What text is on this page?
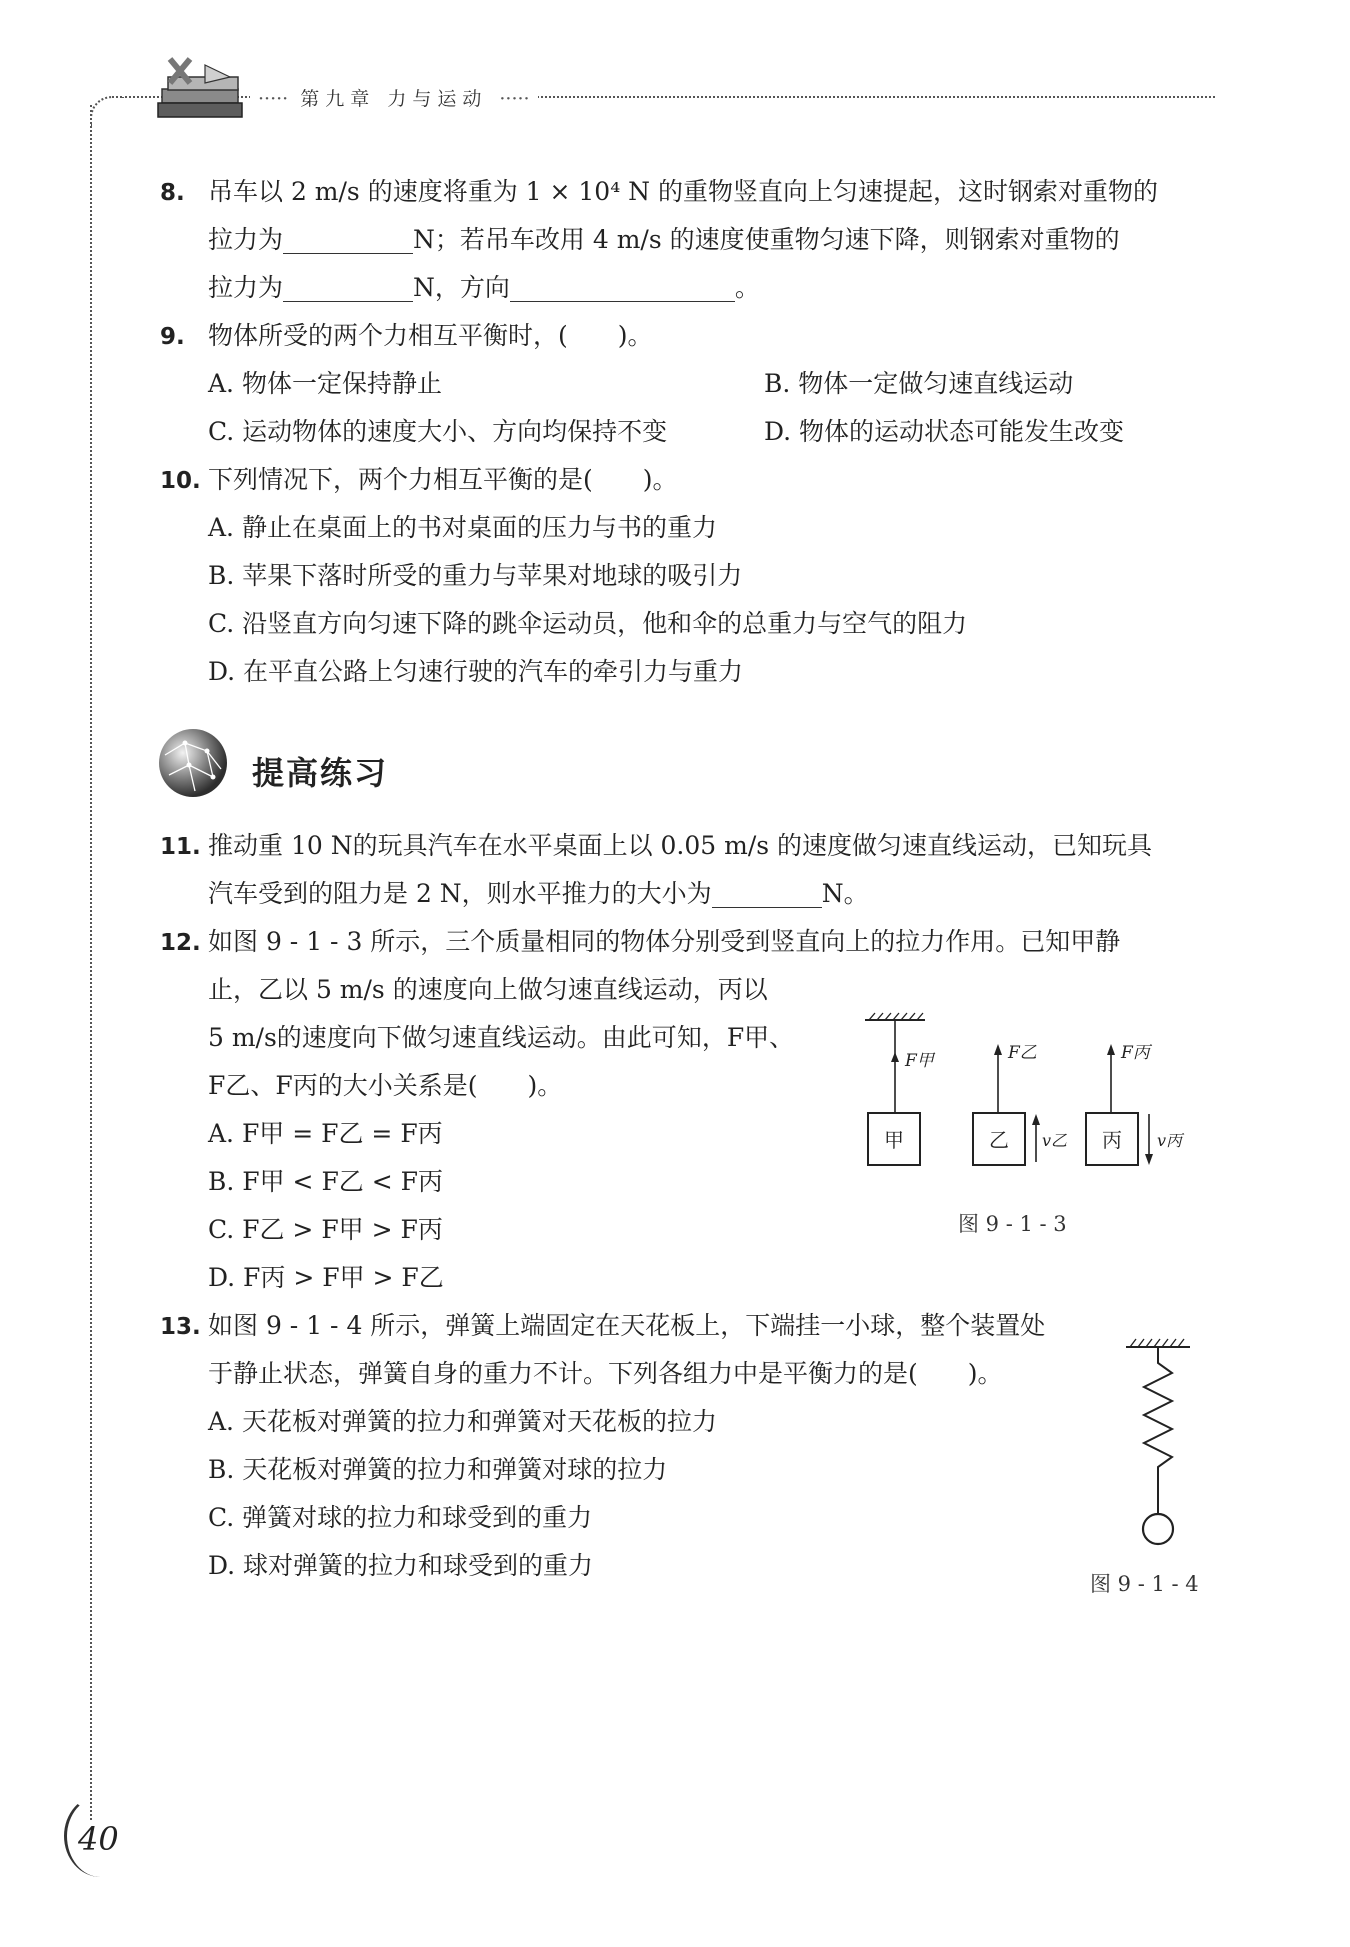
····· 第九章 力与运动 ·····
8. 吊车以 2 m/s 的速度将重为 1 × 10⁴ N 的重物竖直向上匀速提起，这时钢索对重物的
拉力为	N；若吊车改用 4 m/s 的速度使重物匀速下降，则钢索对重物的
拉力为	N，方向	。
9. 物体所受的两个力相互平衡时，(　　)。
A. 物体一定保持静止	B. 物体一定做匀速直线运动
C. 运动物体的速度大小、方向均保持不变	D. 物体的运动状态可能发生改变
10. 下列情况下，两个力相互平衡的是(　　)。
A. 静止在桌面上的书对桌面的压力与书的重力
B. 苹果下落时所受的重力与苹果对地球的吸引力
C. 沿竖直方向匀速下降的跳伞运动员，他和伞的总重力与空气的阻力
D. 在平直公路上匀速行驶的汽车的牵引力与重力
提高练习
11. 推动重 10 N的玩具汽车在水平桌面上以 0.05 m/s 的速度做匀速直线运动，已知玩具
汽车受到的阻力是 2 N，则水平推力的大小为	N。
12. 如图 9 - 1 - 3 所示，三个质量相同的物体分别受到竖直向上的拉力作用。已知甲静
止，乙以 5 m/s 的速度向上做匀速直线运动，丙以
5 m/s的速度向下做匀速直线运动。由此可知，F甲、
F乙、F丙的大小关系是(　　)。
A. F甲 = F乙 = F丙
B. F甲 < F乙 < F丙
C. F乙 > F甲 > F丙
D. F丙 > F甲 > F乙
甲	乙	丙
F甲	F乙	F丙
v乙	v丙
图 9 - 1 - 3
13. 如图 9 - 1 - 4 所示，弹簧上端固定在天花板上，下端挂一小球，整个装置处
于静止状态，弹簧自身的重力不计。下列各组力中是平衡力的是(　　)。
A. 天花板对弹簧的拉力和弹簧对天花板的拉力
B. 天花板对弹簧的拉力和弹簧对球的拉力
C. 弹簧对球的拉力和球受到的重力
D. 球对弹簧的拉力和球受到的重力
图 9 - 1 - 4
40
